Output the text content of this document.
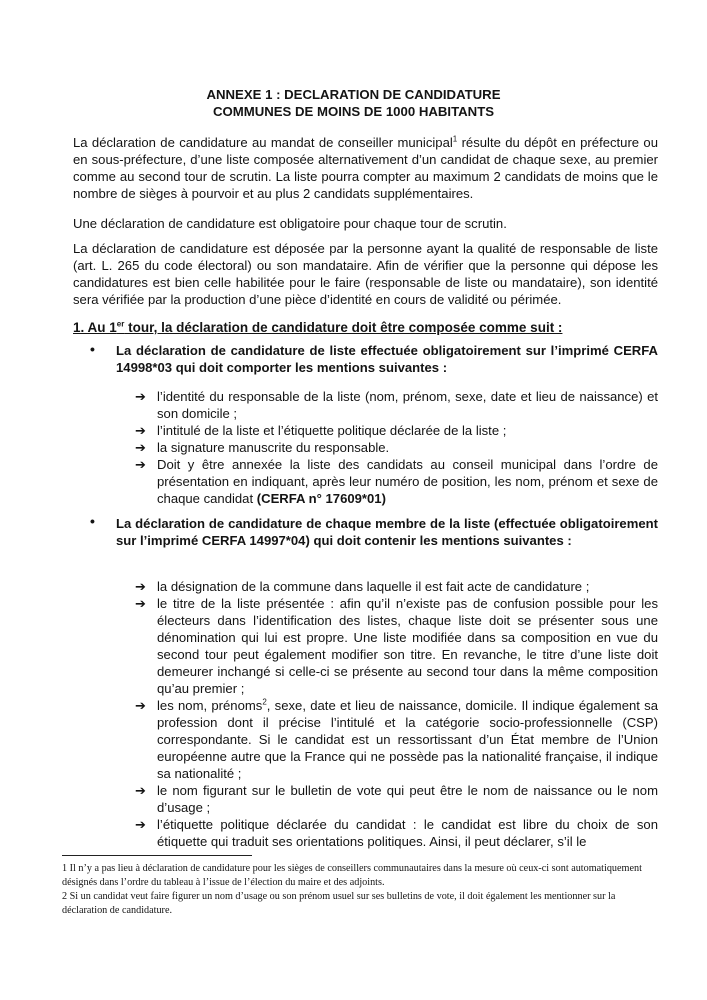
ANNEXE 1 : DECLARATION DE CANDIDATURE
COMMUNES DE MOINS DE 1000 HABITANTS
La déclaration de candidature au mandat de conseiller municipal$^1$ résulte du dépôt en préfecture ou en sous-préfecture, d’une liste composée alternativement d’un candidat de chaque sexe, au premier comme au second tour de scrutin. La liste pourra compter au maximum 2 candidats de moins que le nombre de sièges à pourvoir et au plus 2 candidats supplémentaires.
Une déclaration de candidature est obligatoire pour chaque tour de scrutin.
La déclaration de candidature est déposée par la personne ayant la qualité de responsable de liste (art. L. 265 du code électoral) ou son mandataire. Afin de vérifier que la personne qui dépose les candidatures est bien celle habilitée pour le faire (responsable de liste ou mandataire), son identité sera vérifiée par la production d’une pièce d’identité en cours de validité ou périmée.
1. Au 1er tour, la déclaration de candidature doit être composée comme suit :
• La déclaration de candidature de liste effectuée obligatoirement sur l’imprimé CERFA 14998*03 qui doit comporter les mentions suivantes :
➔ l’identité du responsable de la liste (nom, prénom, sexe, date et lieu de naissance) et son domicile ;
➔ l’intitulé de la liste et l’étiquette politique déclarée de la liste ;
➔ la signature manuscrite du responsable.
➔ Doit y être annexée la liste des candidats au conseil municipal dans l’ordre de présentation en indiquant, après leur numéro de position, les nom, prénom et sexe de chaque candidat (CERFA n° 17609*01)
• La déclaration de candidature de chaque membre de la liste (effectuée obligatoirement sur l’imprimé CERFA 14997*04) qui doit contenir les mentions suivantes :
➔ la désignation de la commune dans laquelle il est fait acte de candidature ;
➔ le titre de la liste présentée : afin qu’il n’existe pas de confusion possible pour les électeurs dans l’identification des listes, chaque liste doit se présenter sous une dénomination qui lui est propre. Une liste modifiée dans sa composition en vue du second tour peut également modifier son titre. En revanche, le titre d’une liste doit demeurer inchangé si celle-ci se présente au second tour dans la même composition qu’au premier ;
➔ les nom, prénoms$^2$, sexe, date et lieu de naissance, domicile. Il indique également sa profession dont il précise l’intitulé et la catégorie socio-professionnelle (CSP) correspondante. Si le candidat est un ressortissant d’un État membre de l’Union européenne autre que la France qui ne possède pas la nationalité française, il indique sa nationalité ;
➔ le nom figurant sur le bulletin de vote qui peut être le nom de naissance ou le nom d’usage ;
➔ l’étiquette politique déclarée du candidat : le candidat est libre du choix de son étiquette qui traduit ses orientations politiques. Ainsi, il peut déclarer, s’il le

1 Il n’y a pas lieu à déclaration de candidature pour les sièges de conseillers communautaires dans la mesure où ceux-ci sont automatiquement désignés dans l’ordre du tableau à l’issue de l’élection du maire et des adjoints.

2 Si un candidat veut faire figurer un nom d’usage ou son prénom usuel sur ses bulletins de vote, il doit également les mentionner sur la déclaration de candidature.
